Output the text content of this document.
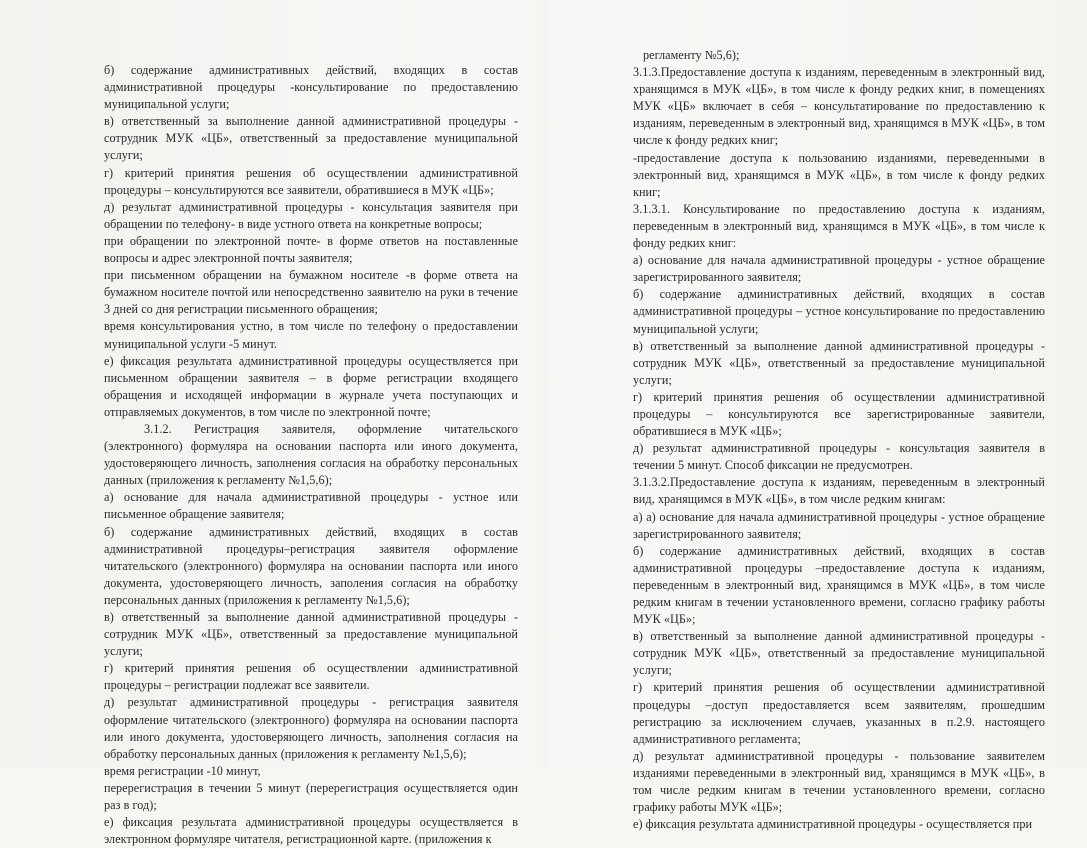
б) содержание административных действий, входящих в состав административной процедуры -консультирование по предоставлению муниципальной услуги;

в) ответственный за выполнение данной административной процедуры - сотрудник МУК «ЦБ», ответственный за предоставление муниципальной услуги;

г) критерий принятия решения об осуществлении административной процедуры – консультируются все заявители, обратившиеся в МУК «ЦБ»;

д) результат административной процедуры - консультация заявителя при обращении по телефону- в виде устного ответа на конкретные вопросы;

при обращении по электронной почте- в форме ответов на поставленные вопросы и адрес электронной почты заявителя;

при письменном обращении на бумажном носителе -в форме ответа на бумажном носителе почтой или непосредственно заявителю на руки в течение 3 дней со дня регистрации письменного обращения;

время консультирования устно, в том числе по телефону о предоставлении муниципальной услуги -5 минут.

е) фиксация результата административной процедуры осуществляется при письменном обращении заявителя – в форме регистрации входящего обращения и исходящей информации в журнале учета поступающих и отправляемых документов, в том числе по электронной почте;

3.1.2. Регистрация заявителя, оформление читательского (электронного) формуляра на основании паспорта или иного документа, удостоверяющего личность, заполнения согласия на обработку персональных данных (приложения к регламенту №1,5,6);

а) основание для начала административной процедуры - устное или письменное обращение заявителя;

б) содержание административных действий, входящих в состав административной процедуры–регистрация заявителя оформление читательского (электронного) формуляра на основании паспорта или иного документа, удостоверяющего личность, заполения согласия на обработку персональных данных (приложения к регламенту №1,5,6);

в) ответственный за выполнение данной административной процедуры - сотрудник МУК «ЦБ», ответственный за предоставление муниципальной услуги;

г) критерий принятия решения об осуществлении административной процедуры – регистрации подлежат все заявители.

д) результат административной процедуры - регистрация заявителя оформление читательского (электронного) формуляра на основании паспорта или иного документа, удостоверяющего личность, заполнения согласия на обработку персональных данных (приложения к регламенту №1,5,6);

время регистрации -10 минут,

перерегистрация в течении 5 минут (перерегистрация осуществляется один раз в год);

е) фиксация результата административной процедуры осуществляется в электронном формуляре читателя, регистрационной карте. (приложения к

регламенту №5,6);

3.1.3.Предоставление доступа к изданиям, переведенным в электронный вид, хранящимся в МУК «ЦБ», в том числе к фонду редких книг, в помещениях МУК «ЦБ» включает в себя – консультатирование по предоставлению к изданиям, переведенным в электронный вид, хранящимся в МУК «ЦБ», в том числе к фонду редких книг;

-предоставление доступа к пользованию изданиями, переведенными в электронный вид, хранящимся в МУК «ЦБ», в том числе к фонду редких книг;

3.1.3.1. Консультирование по предоставлению доступа к изданиям, переведенным в электронный вид, хранящимся в МУК «ЦБ», в том числе к фонду редких книг:

а) основание для начала административной процедуры - устное обращение зарегистрированного заявителя;

б) содержание административных действий, входящих в состав административной процедуры – устное консультирование по предоставлению муниципальной услуги;

в) ответственный за выполнение данной административной процедуры - сотрудник МУК «ЦБ», ответственный за предоставление муниципальной услуги;

г) критерий принятия решения об осуществлении административной процедуры – консультируются все зарегистрированные заявители, обратившиеся в МУК «ЦБ»;

д) результат административной процедуры - консультация заявителя в течении 5 минут. Способ фиксации не предусмотрен.

3.1.3.2.Предоставление доступа к изданиям, переведенным в электронный вид, хранящимся в МУК «ЦБ», в том числе редким книгам:

а) а) основание для начала административной процедуры - устное обращение зарегистрированного заявителя;

б) содержание административных действий, входящих в состав административной процедуры –предоставление доступа к изданиям, переведенным в электронный вид, хранящимся в МУК «ЦБ», в том числе редким книгам в течении установленного времени, согласно графику работы МУК «ЦБ»;

в) ответственный за выполнение данной административной процедуры - сотрудник МУК «ЦБ», ответственный за предоставление муниципальной услуги;

г) критерий принятия решения об осуществлении административной процедуры –доступ предоставляется всем заявителям, прошедшим регистрацию за исключением случаев, указанных в п.2.9. настоящего административного регламента;

д) результат административной процедуры - пользование заявителем изданиями переведенными в электронный вид, хранящимся в МУК «ЦБ», в том числе редким книгам в течении установленного времени, согласно графику работы МУК «ЦБ»;

е) фиксация результата административной процедуры - осуществляется при
